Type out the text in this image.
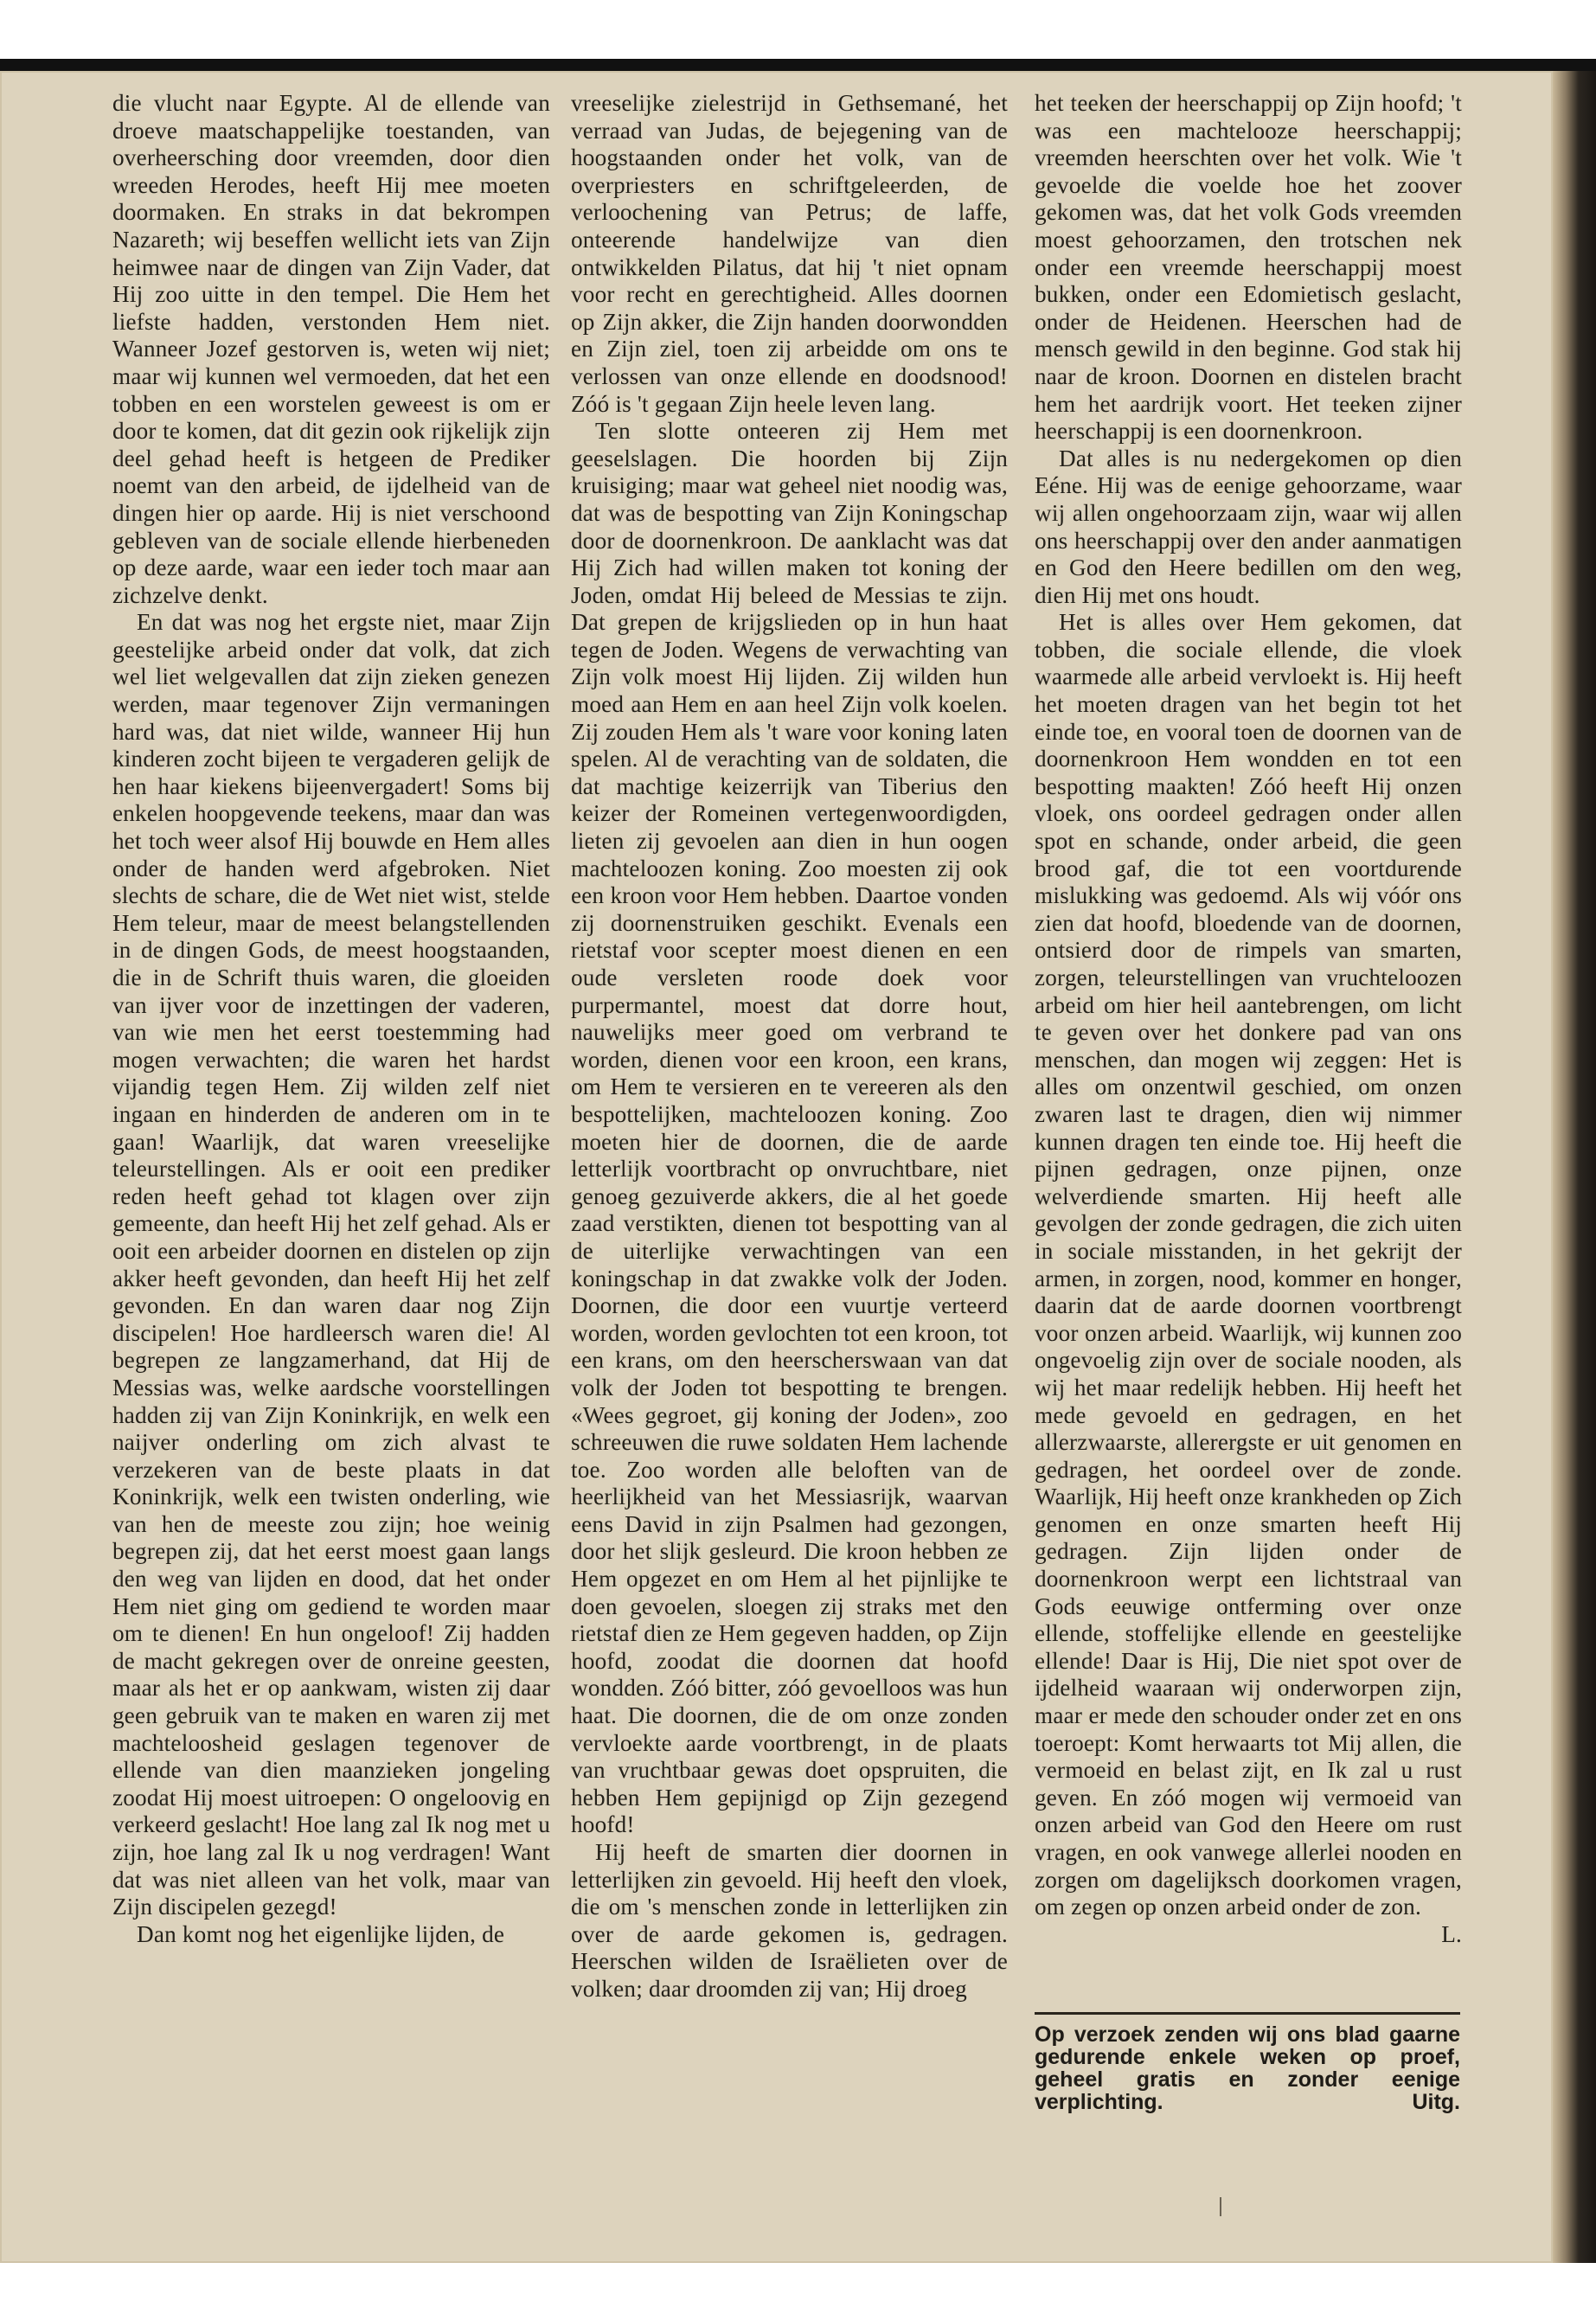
die vlucht naar Egypte. Al de ellende van droeve maatschappelijke toestanden, van overheersching door vreemden, door dien wreeden Herodes, heeft Hij mee moeten doormaken. En straks in dat bekrompen Nazareth; wij beseffen wellicht iets van Zijn heimwee naar de dingen van Zijn Vader, dat Hij zoo uitte in den tempel. Die Hem het liefste hadden, verstonden Hem niet. Wanneer Jozef gestorven is, weten wij niet; maar wij kunnen wel vermoeden, dat het een tobben en een worstelen geweest is om er door te komen, dat dit gezin ook rijkelijk zijn deel gehad heeft is hetgeen de Prediker noemt van den arbeid, de ijdelheid van de dingen hier op aarde. Hij is niet verschoond gebleven van de sociale ellende hierbeneden op deze aarde, waar een ieder toch maar aan zichzelve denkt.

En dat was nog het ergste niet, maar Zijn geestelijke arbeid onder dat volk, dat zich wel liet welgevallen dat zijn zieken genezen werden, maar tegenover Zijn vermaningen hard was, dat niet wilde, wanneer Hij hun kinderen zocht bijeen te vergaderen gelijk de hen haar kiekens bijeenvergadert! Soms bij enkelen hoopgevende teekens, maar dan was het toch weer alsof Hij bouwde en Hem alles onder de handen werd afgebroken. Niet slechts de schare, die de Wet niet wist, stelde Hem teleur, maar de meest belangstellenden in de dingen Gods, de meest hoogstaanden, die in de Schrift thuis waren, die gloeiden van ijver voor de inzettingen der vaderen, van wie men het eerst toestemming had mogen verwachten; die waren het hardst vijandig tegen Hem. Zij wilden zelf niet ingaan en hinderden de anderen om in te gaan! Waarlijk, dat waren vreeselijke teleurstellingen. Als er ooit een prediker reden heeft gehad tot klagen over zijn gemeente, dan heeft Hij het zelf gehad. Als er ooit een arbeider doornen en distelen op zijn akker heeft gevonden, dan heeft Hij het zelf gevonden. En dan waren daar nog Zijn discipelen! Hoe hardleersch waren die! Al begrepen ze langzamerhand, dat Hij de Messias was, welke aardsche voorstellingen hadden zij van Zijn Koninkrijk, en welk een naijver onderling om zich alvast te verzekeren van de beste plaats in dat Koninkrijk, welk een twisten onderling, wie van hen de meeste zou zijn; hoe weinig begrepen zij, dat het eerst moest gaan langs den weg van lijden en dood, dat het onder Hem niet ging om gediend te worden maar om te dienen! En hun ongeloof! Zij hadden de macht gekregen over de onreine geesten, maar als het er op aankwam, wisten zij daar geen gebruik van te maken en waren zij met machteloosheid geslagen tegenover de ellende van dien maanzieken jongeling zoodat Hij moest uitroepen: O ongeloovig en verkeerd geslacht! Hoe lang zal Ik nog met u zijn, hoe lang zal Ik u nog verdragen! Want dat was niet alleen van het volk, maar van Zijn discipelen gezegd!

Dan komt nog het eigenlijke lijden, de

vreeselijke zielestrijd in Gethsemané, het verraad van Judas, de bejegening van de hoogstaanden onder het volk, van de overpriesters en schriftgeleerden, de verloochening van Petrus; de laffe, onteerende handelwijze van dien ontwikkelden Pilatus, dat hij 't niet opnam voor recht en gerechtigheid. Alles doornen op Zijn akker, die Zijn handen doorwondden en Zijn ziel, toen zij arbeidde om ons te verlossen van onze ellende en doodsnood! Zóó is 't gegaan Zijn heele leven lang.

Ten slotte onteeren zij Hem met geeselslagen. Die hoorden bij Zijn kruisiging; maar wat geheel niet noodig was, dat was de bespotting van Zijn Koningschap door de doornenkroon. De aanklacht was dat Hij Zich had willen maken tot koning der Joden, omdat Hij beleed de Messias te zijn. Dat grepen de krijgslieden op in hun haat tegen de Joden. Wegens de verwachting van Zijn volk moest Hij lijden. Zij wilden hun moed aan Hem en aan heel Zijn volk koelen. Zij zouden Hem als 't ware voor koning laten spelen. Al de verachting van de soldaten, die dat machtige keizerrijk van Tiberius den keizer der Romeinen vertegenwoordigden, lieten zij gevoelen aan dien in hun oogen machteloozen koning. Zoo moesten zij ook een kroon voor Hem hebben. Daartoe vonden zij doornenstruiken geschikt. Evenals een rietstaf voor scepter moest dienen en een oude versleten roode doek voor purpermantel, moest dat dorre hout, nauwelijks meer goed om verbrand te worden, dienen voor een kroon, een krans, om Hem te versieren en te vereeren als den bespottelijken, machteloozen koning. Zoo moeten hier de doornen, die de aarde letterlijk voortbracht op onvruchtbare, niet genoeg gezuiverde akkers, die al het goede zaad verstikten, dienen tot bespotting van al de uiterlijke verwachtingen van een koningschap in dat zwakke volk der Joden. Doornen, die door een vuurtje verteerd worden, worden gevlochten tot een kroon, tot een krans, om den heerscherswaan van dat volk der Joden tot bespotting te brengen. «Wees gegroet, gij koning der Joden», zoo schreeuwen die ruwe soldaten Hem lachende toe. Zoo worden alle beloften van de heerlijkheid van het Messiasrijk, waarvan eens David in zijn Psalmen had gezongen, door het slijk gesleurd. Die kroon hebben ze Hem opgezet en om Hem al het pijnlijke te doen gevoelen, sloegen zij straks met den rietstaf dien ze Hem gegeven hadden, op Zijn hoofd, zoodat die doornen dat hoofd wondden. Zóó bitter, zóó gevoelloos was hun haat. Die doornen, die de om onze zonden vervloekte aarde voortbrengt, in de plaats van vruchtbaar gewas doet opspruiten, die hebben Hem gepijnigd op Zijn gezegend hoofd!

Hij heeft de smarten dier doornen in letterlijken zin gevoeld. Hij heeft den vloek, die om 's menschen zonde in letterlijken zin over de aarde gekomen is, gedragen. Heerschen wilden de Israëlieten over de volken; daar droomden zij van; Hij droeg

het teeken der heerschappij op Zijn hoofd; 't was een machtelooze heerschappij; vreemden heerschten over het volk. Wie 't gevoelde die voelde hoe het zoover gekomen was, dat het volk Gods vreemden moest gehoorzamen, den trotschen nek onder een vreemde heerschappij moest bukken, onder een Edomietisch geslacht, onder de Heidenen. Heerschen had de mensch gewild in den beginne. God stak hij naar de kroon. Doornen en distelen bracht hem het aardrijk voort. Het teeken zijner heerschappij is een doornenkroon.

Dat alles is nu nedergekomen op dien Eéne. Hij was de eenige gehoorzame, waar wij allen ongehoorzaam zijn, waar wij allen ons heerschappij over den ander aanmatigen en God den Heere bedillen om den weg, dien Hij met ons houdt.

Het is alles over Hem gekomen, dat tobben, die sociale ellende, die vloek waarmede alle arbeid vervloekt is. Hij heeft het moeten dragen van het begin tot het einde toe, en vooral toen de doornen van de doornenkroon Hem wondden en tot een bespotting maakten! Zóó heeft Hij onzen vloek, ons oordeel gedragen onder allen spot en schande, onder arbeid, die geen brood gaf, die tot een voortdurende mislukking was gedoemd. Als wij vóór ons zien dat hoofd, bloedende van de doornen, ontsierd door de rimpels van smarten, zorgen, teleurstellingen van vruchteloozen arbeid om hier heil aantebrengen, om licht te geven over het donkere pad van ons menschen, dan mogen wij zeggen: Het is alles om onzentwil geschied, om onzen zwaren last te dragen, dien wij nimmer kunnen dragen ten einde toe. Hij heeft die pijnen gedragen, onze pijnen, onze welverdiende smarten. Hij heeft alle gevolgen der zonde gedragen, die zich uiten in sociale misstanden, in het gekrijt der armen, in zorgen, nood, kommer en honger, daarin dat de aarde doornen voortbrengt voor onzen arbeid. Waarlijk, wij kunnen zoo ongevoelig zijn over de sociale nooden, als wij het maar redelijk hebben. Hij heeft het mede gevoeld en gedragen, en het allerzwaarste, allerergste er uit genomen en gedragen, het oordeel over de zonde. Waarlijk, Hij heeft onze krankheden op Zich genomen en onze smarten heeft Hij gedragen. Zijn lijden onder de doornenkroon werpt een lichtstraal van Gods eeuwige ontferming over onze ellende, stoffelijke ellende en geestelijke ellende! Daar is Hij, Die niet spot over de ijdelheid waaraan wij onderworpen zijn, maar er mede den schouder onder zet en ons toeroept: Komt herwaarts tot Mij allen, die vermoeid en belast zijt, en Ik zal u rust geven. En zóó mogen wij vermoeid van onzen arbeid van God den Heere om rust vragen, en ook vanwege allerlei nooden en zorgen om dagelijksch doorkomen vragen, om zegen op onzen arbeid onder de zon.

L.
Op verzoek zenden wij ons blad gaarne gedurende enkele weken op proef, geheel gratis en zonder eenige verplichting.	Uitg.
